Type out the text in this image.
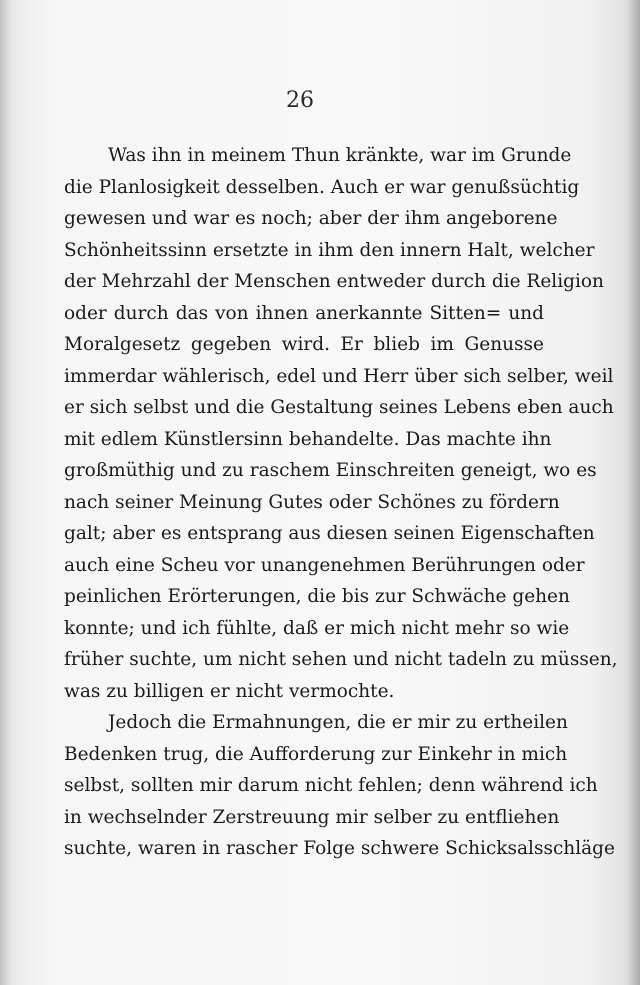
26
Was ihn in meinem Thun kränkte, war im Grunde
die Planlosigkeit desselben. Auch er war genußsüchtig
gewesen und war es noch; aber der ihm angeborene
Schönheitssinn ersetzte in ihm den innern Halt, welcher
der Mehrzahl der Menschen entweder durch die Religion
oder durch das von ihnen anerkannte Sitten= und
Moralgesetz gegeben wird. Er blieb im Genusse
immerdar wählerisch, edel und Herr über sich selber, weil
er sich selbst und die Gestaltung seines Lebens eben auch
mit edlem Künstlersinn behandelte. Das machte ihn
großmüthig und zu raschem Einschreiten geneigt, wo es
nach seiner Meinung Gutes oder Schönes zu fördern
galt; aber es entsprang aus diesen seinen Eigenschaften
auch eine Scheu vor unangenehmen Berührungen oder
peinlichen Erörterungen, die bis zur Schwäche gehen
konnte; und ich fühlte, daß er mich nicht mehr so wie
früher suchte, um nicht sehen und nicht tadeln zu müssen,
was zu billigen er nicht vermochte.
Jedoch die Ermahnungen, die er mir zu ertheilen
Bedenken trug, die Aufforderung zur Einkehr in mich
selbst, sollten mir darum nicht fehlen; denn während ich
in wechselnder Zerstreuung mir selber zu entfliehen
suchte, waren in rascher Folge schwere Schicksalsschläge
